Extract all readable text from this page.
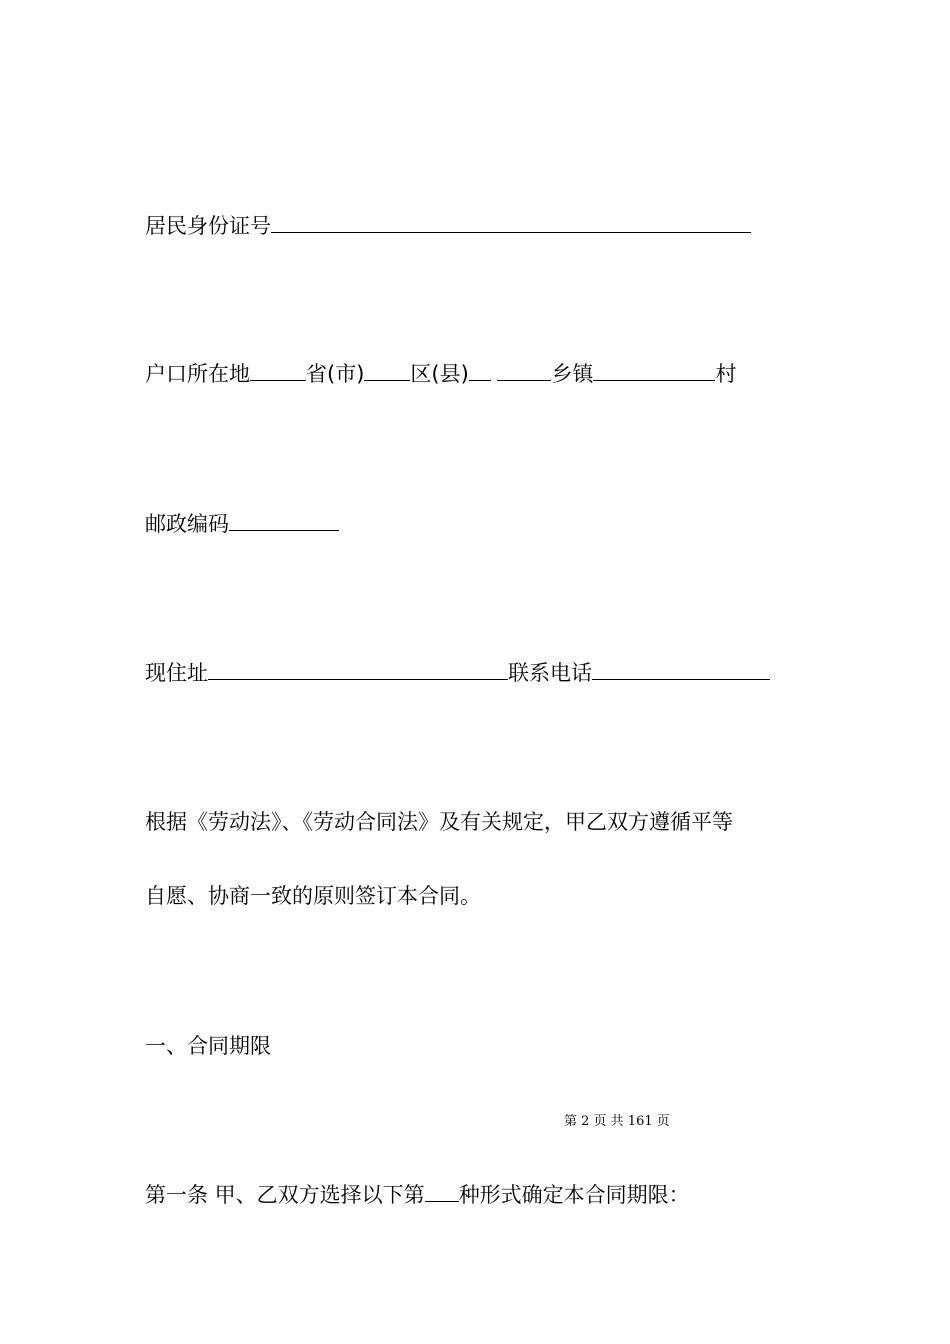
居民身份证号
户口所在地	省(市) 区(县)	乡镇	村
邮政编码
现住址	联系电话
根据《劳动法》、《劳动合同法》及有关规定，甲乙双方遵循平等
自愿、协商一致的原则签订本合同。
一、合同期限
第 2 页 共 161 页
第一条 甲、乙双方选择以下第 种形式确定本合同期限：
